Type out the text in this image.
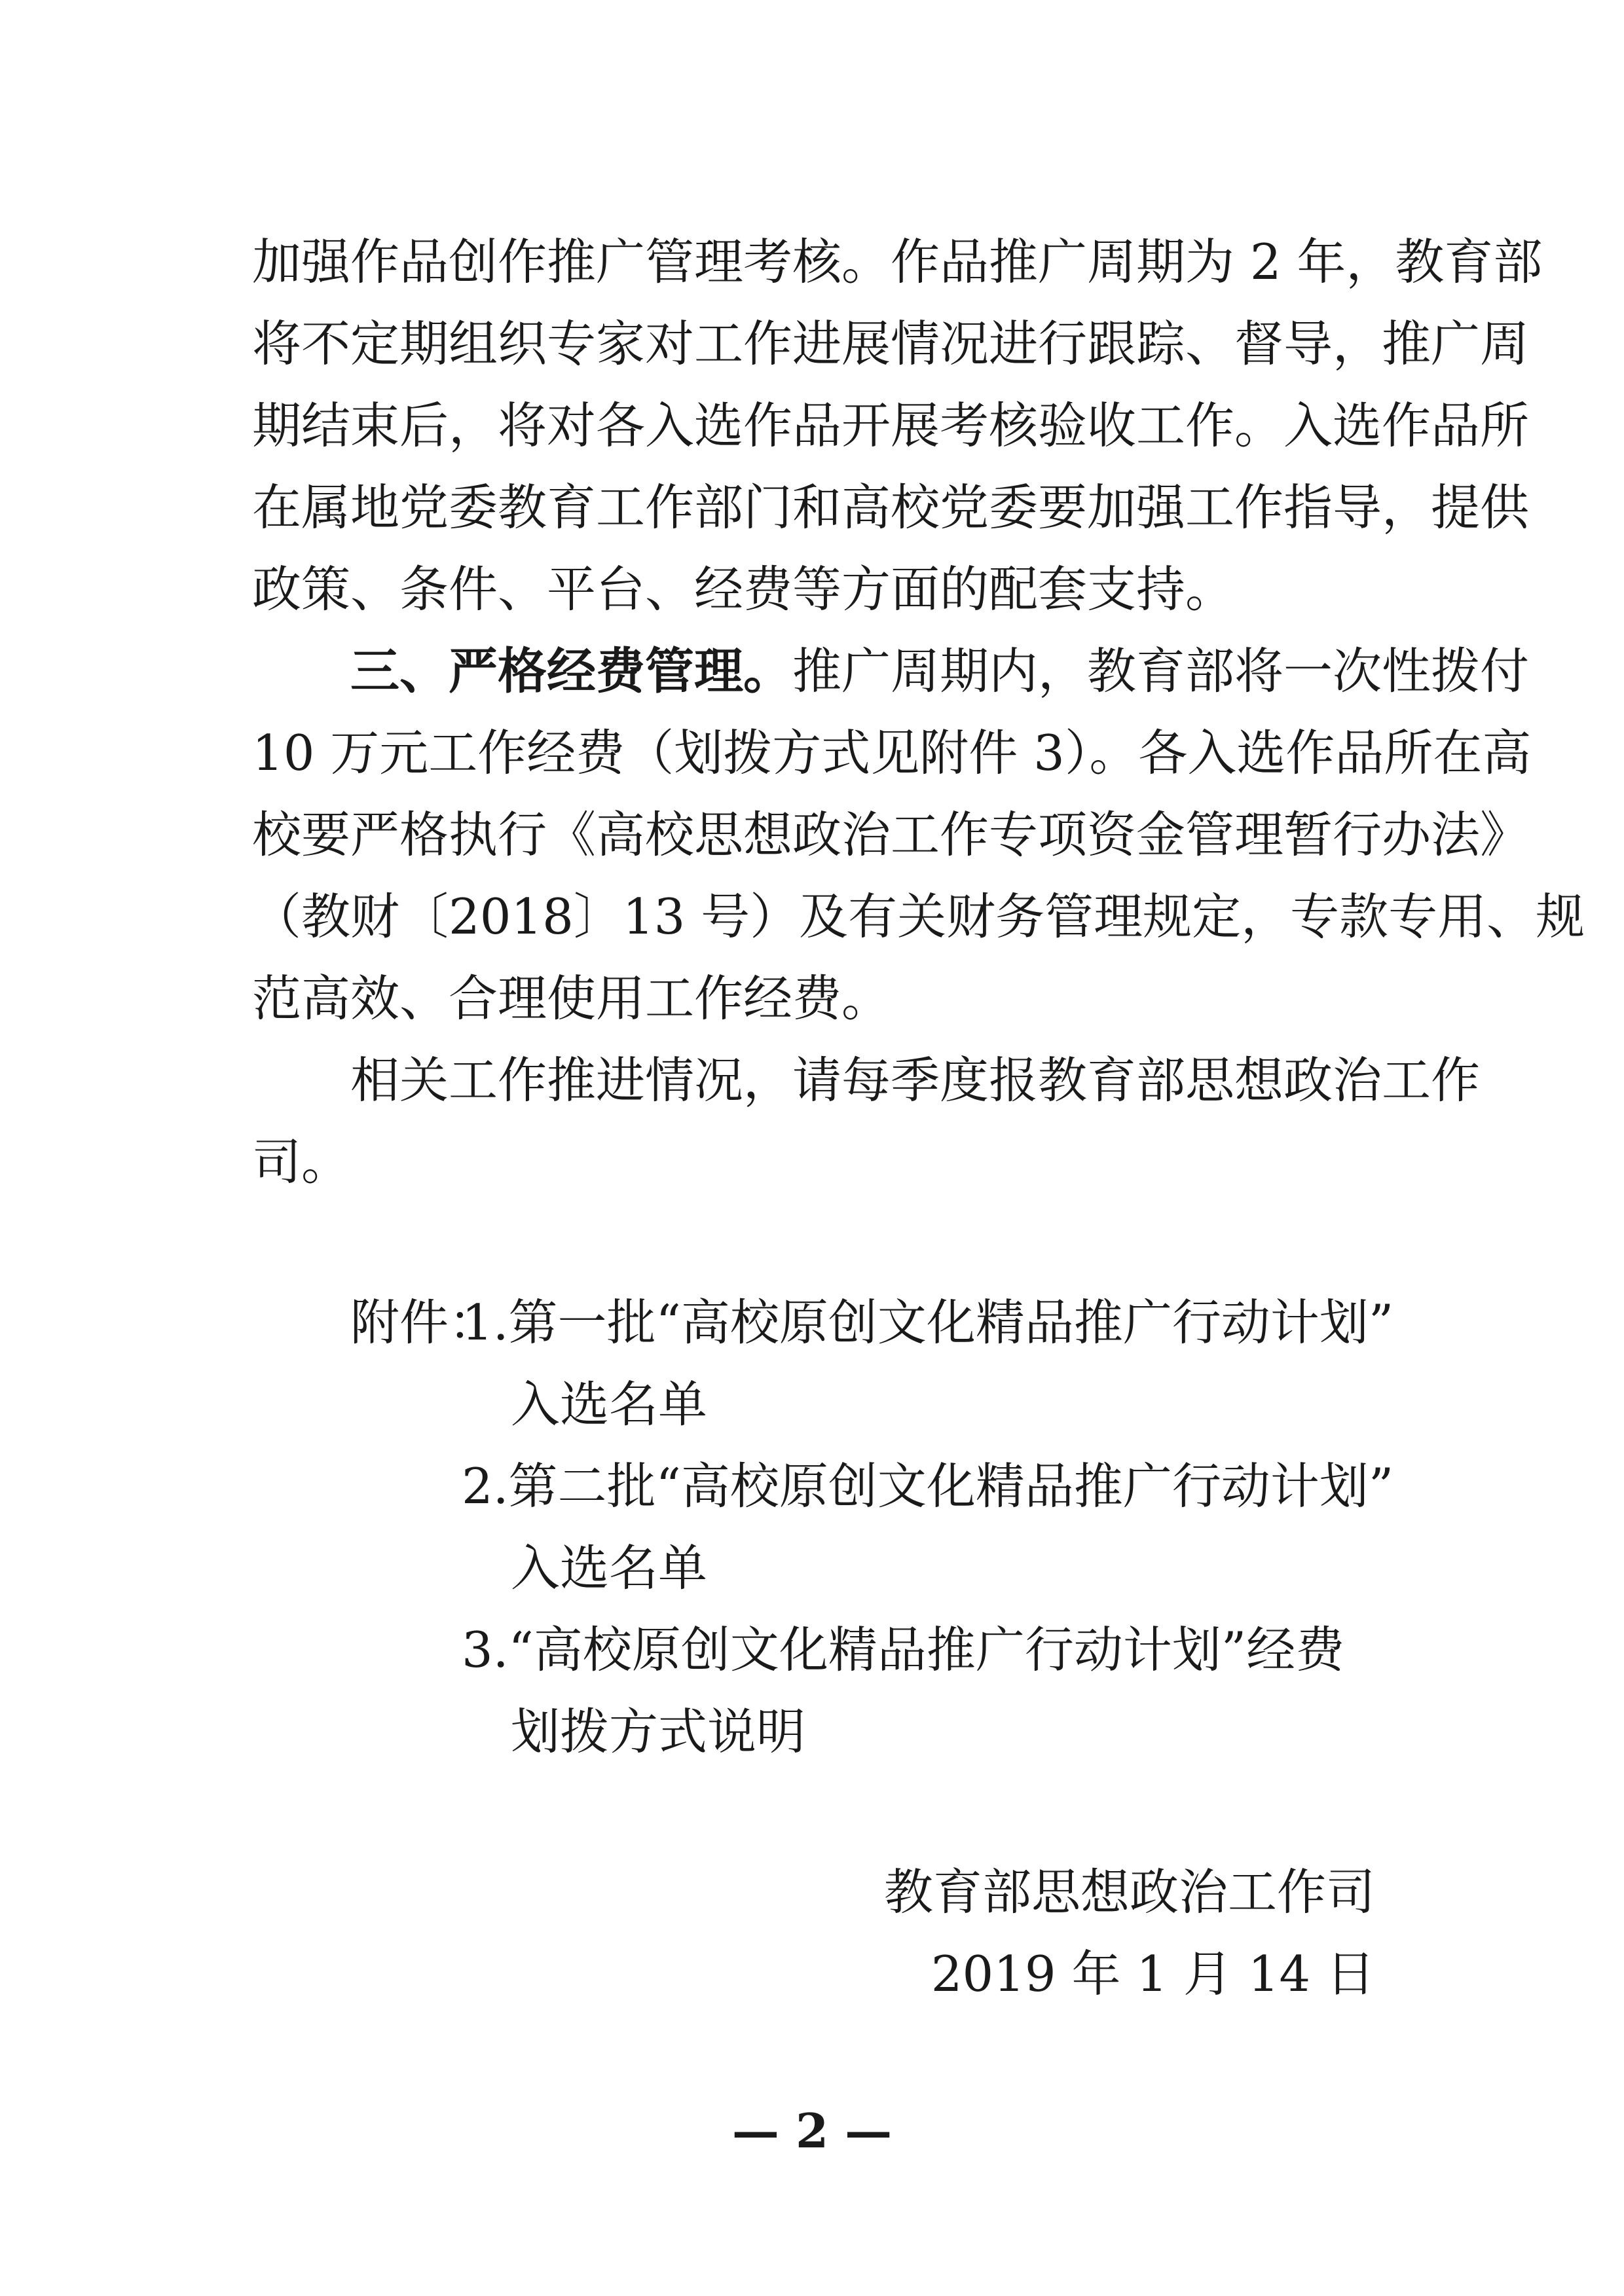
加强作品创作推广管理考核。作品推广周期为 2 年，教育部
将不定期组织专家对工作进展情况进行跟踪、督导，推广周
期结束后，将对各入选作品开展考核验收工作。入选作品所
在属地党委教育工作部门和高校党委要加强工作指导，提供
政策、条件、平台、经费等方面的配套支持。
三、严格经费管理。推广周期内，教育部将一次性拨付
10 万元工作经费（划拨方式见附件 3）。各入选作品所在高
校要严格执行《高校思想政治工作专项资金管理暂行办法》
（教财〔2018〕13 号）及有关财务管理规定，专款专用、规
范高效、合理使用工作经费。
相关工作推进情况，请每季度报教育部思想政治工作
司。
附件：
1.第一批“高校原创文化精品推广行动计划”
入选名单
2.第二批“高校原创文化精品推广行动计划”
入选名单
3.“高校原创文化精品推广行动计划”经费
划拨方式说明
教育部思想政治工作司
2019 年 1 月 14 日
— 2 —
